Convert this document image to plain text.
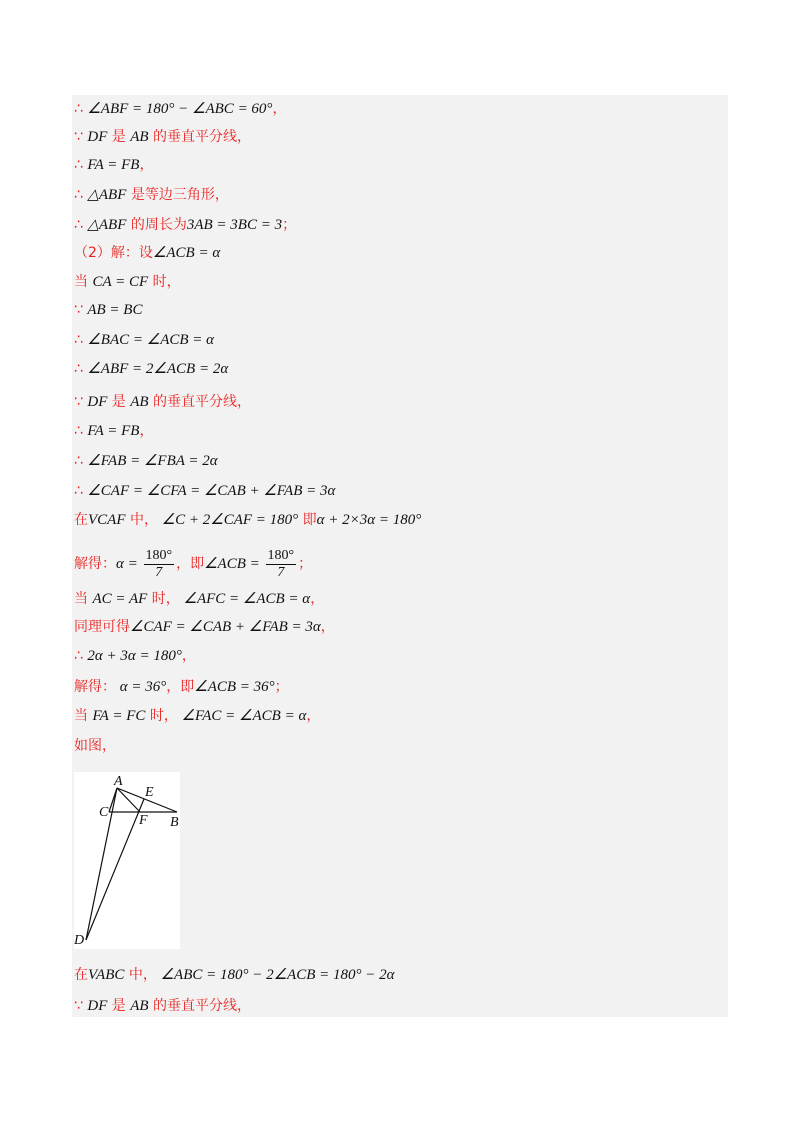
∴ ∠ABF = 180° − ∠ABC = 60°，
∵ DF 是 AB 的垂直平分线，
∴ FA = FB，
∴ △ABF 是等边三角形，
∴ △ABF 的周长为3AB = 3BC = 3；
（2）解：设∠ACB = α
当 CA = CF 时，
∵ AB = BC
∴ ∠BAC = ∠ACB = α
∴ ∠ABF = 2∠ACB = 2α
∵ DF 是 AB 的垂直平分线，
∴ FA = FB，
∴ ∠FAB = ∠FBA = 2α
∴ ∠CAF = ∠CFA = ∠CAB + ∠FAB = 3α
在VCAF 中， ∠C + 2∠CAF = 180° 即α + 2×3α = 180°
解得：$\alpha = \frac{180^\circ}{7}$ ，即∠ACB = $\frac{180^\circ}{7}$ ；
当 AC = AF 时， ∠AFC = ∠ACB = α，
同理可得∠CAF = ∠CAB + ∠FAB = 3α，
∴ 2α + 3α = 180°，
解得： α = 36°，即∠ACB = 36°；
当 FA = FC 时， ∠FAC = ∠ACB = α，
如图，
在VABC 中， ∠ABC = 180° − 2∠ACB = 180° − 2α
∵ DF 是 AB 的垂直平分线，
A
E
C
F B
D
